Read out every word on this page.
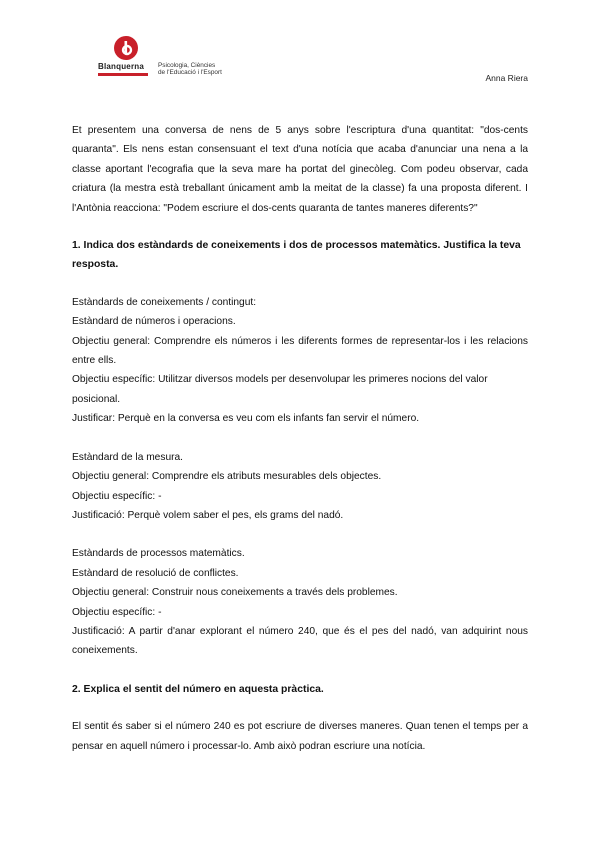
Blanquerna Psicologia, Ciències
de l'Educació i l'Esport
Anna Riera

Et presentem una conversa de nens de 5 anys sobre l'escriptura d'una quantitat: "dos-cents quaranta". Els nens estan consensuant el text d'una notícia que acaba d'anunciar una nena a la classe aportant l'ecografia que la seva mare ha portat del ginecòleg. Com podeu observar, cada criatura (la mestra està treballant únicament amb la meitat de la classe) fa una proposta diferent. I l'Antònia reacciona: "Podem escriure el dos-cents quaranta de tantes maneres diferents?"

1. Indica dos estàndards de coneixements i dos de processos matemàtics. Justifica la teva resposta.

Estàndards de coneixements / contingut:

Estàndard de números i operacions.

Objectiu general: Comprendre els números i les diferents formes de representar-los i les relacions entre ells.

Objectiu específic: Utilitzar diversos models per desenvolupar les primeres nocions del valor posicional.

Justificar: Perquè en la conversa es veu com els infants fan servir el número.

Estàndard de la mesura.

Objectiu general: Comprendre els atributs mesurables dels objectes.

Objectiu específic: -

Justificació: Perquè volem saber el pes, els grams del nadó.

Estàndards de processos matemàtics.

Estàndard de resolució de conflictes.

Objectiu general: Construir nous coneixements a través dels problemes.

Objectiu específic: -

Justificació: A partir d'anar explorant el número 240, que és el pes del nadó, van adquirint nous coneixements.

2. Explica el sentit del número en aquesta pràctica.

El sentit és saber si el número 240 es pot escriure de diverses maneres. Quan tenen el temps per a pensar en aquell número i processar-lo. Amb això podran escriure una notícia.
